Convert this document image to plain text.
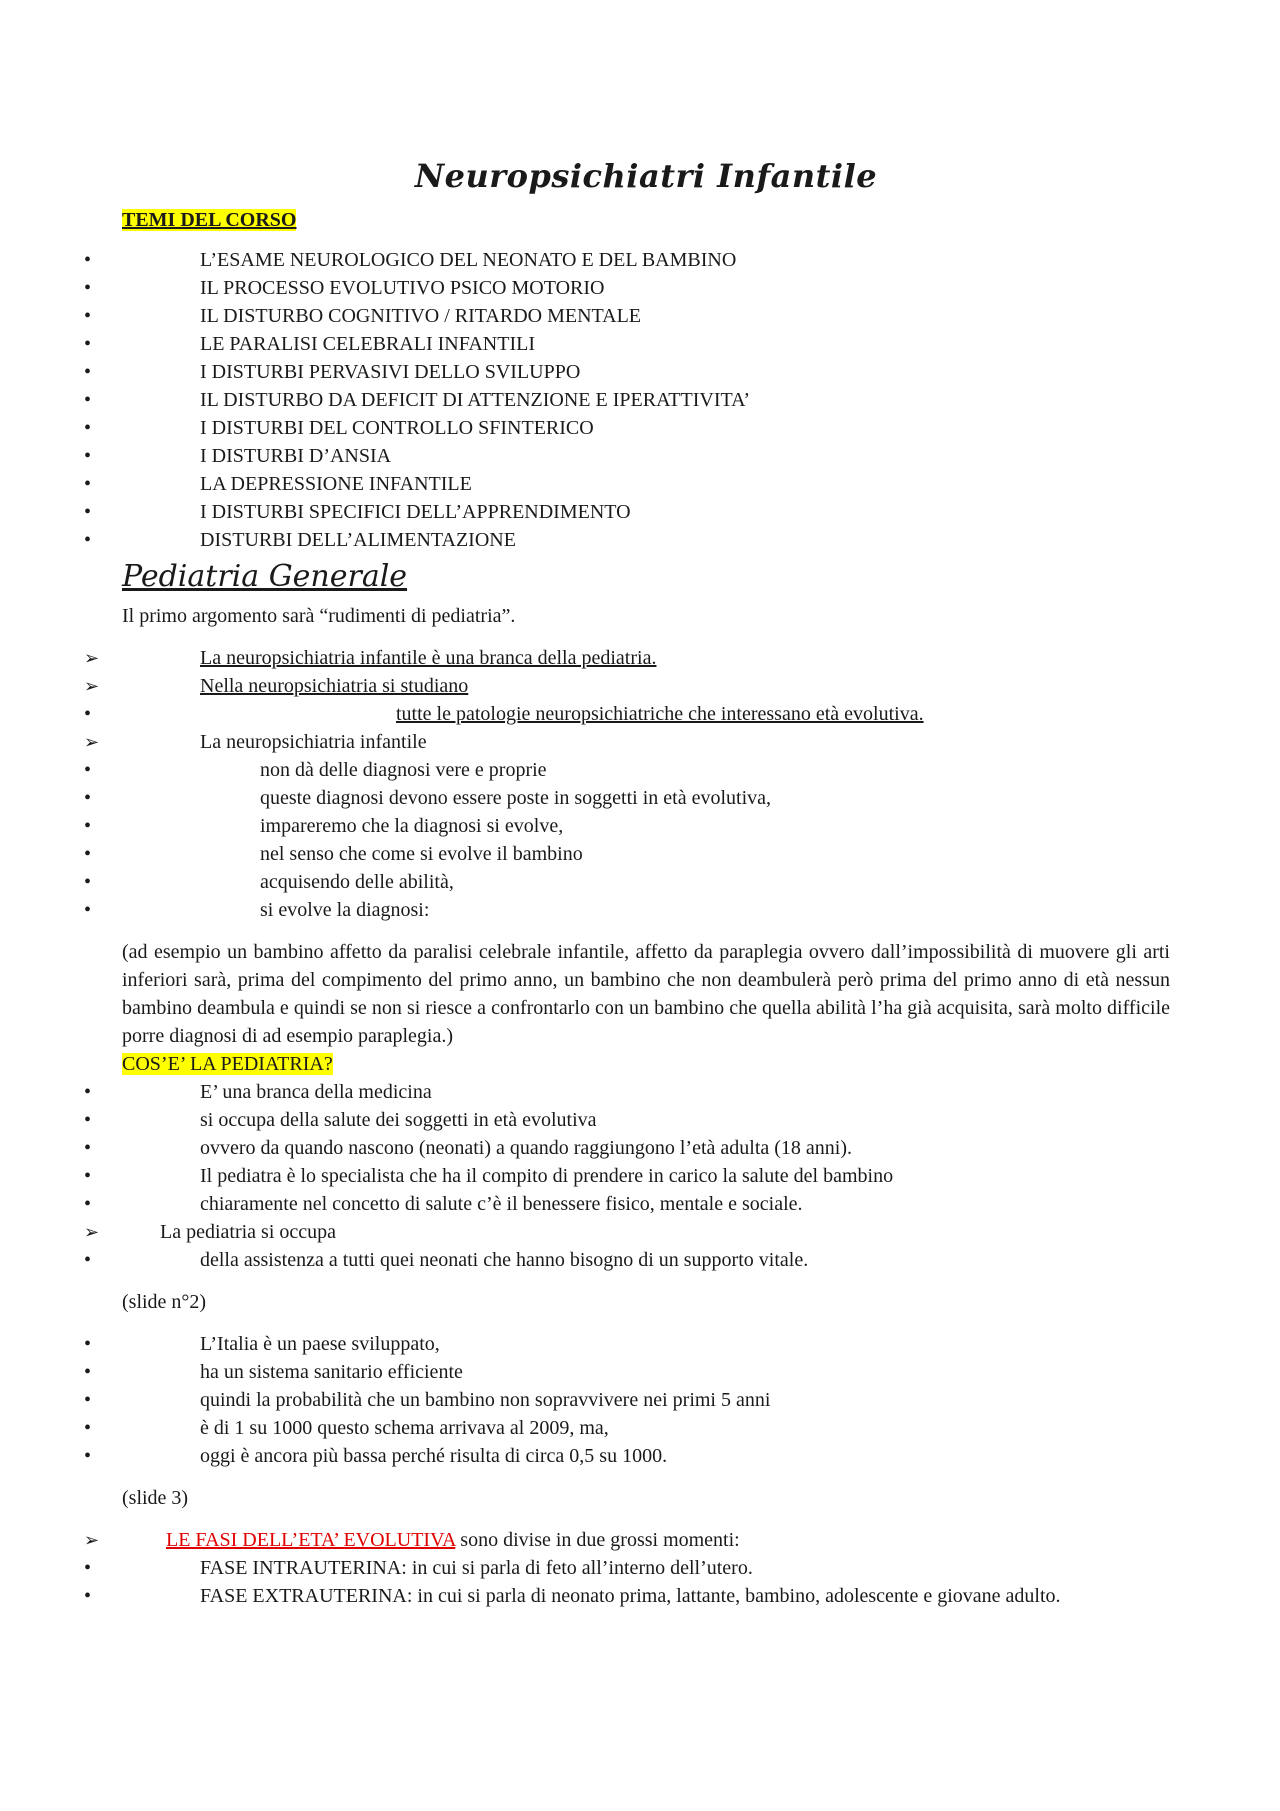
Neuropsichiatri Infantile
TEMI DEL CORSO
• L’ESAME NEUROLOGICO DEL NEONATO E DEL BAMBINO
• IL PROCESSO EVOLUTIVO PSICO MOTORIO
• IL DISTURBO COGNITIVO / RITARDO MENTALE
• LE PARALISI CELEBRALI INFANTILI
• I DISTURBI PERVASIVI DELLO SVILUPPO
• IL DISTURBO DA DEFICIT DI ATTENZIONE E IPERATTIVITA’
• I DISTURBI DEL CONTROLLO SFINTERICO
• I DISTURBI D’ANSIA
• LA DEPRESSIONE INFANTILE
• I DISTURBI SPECIFICI DELL’APPRENDIMENTO
• DISTURBI DELL’ALIMENTAZIONE
Pediatria Generale

Il primo argomento sarà “rudimenti di pediatria”.

➢ La neuropsichiatria infantile è una branca della pediatria.
➢ Nella neuropsichiatria si studiano
• tutte le patologie neuropsichiatriche che interessano età evolutiva.
➢ La neuropsichiatria infantile
• non dà delle diagnosi vere e proprie
• queste diagnosi devono essere poste in soggetti in età evolutiva,
• impareremo che la diagnosi si evolve,
• nel senso che come si evolve il bambino
• acquisendo delle abilità,
• si evolve la diagnosi:

(ad esempio un bambino affetto da paralisi celebrale infantile, affetto da paraplegia ovvero dall’impossibilità di muovere gli arti inferiori sarà, prima del compimento del primo anno, un bambino che non deambulerà però prima del primo anno di età nessun bambino deambula e quindi se non si riesce a confrontarlo con un bambino che quella abilità l’ha già acquisita, sarà molto difficile porre diagnosi di ad esempio paraplegia.)

COS’E’ LA PEDIATRIA?

• E’ una branca della medicina
• si occupa della salute dei soggetti in età evolutiva
• ovvero da quando nascono (neonati) a quando raggiungono l’età adulta (18 anni).
• Il pediatra è lo specialista che ha il compito di prendere in carico la salute del bambino
• chiaramente nel concetto di salute c’è il benessere fisico, mentale e sociale.
➢ La pediatria si occupa
• della assistenza a tutti quei neonati che hanno bisogno di un supporto vitale.

(slide n°2)

• L’Italia è un paese sviluppato,
• ha un sistema sanitario efficiente
• quindi la probabilità che un bambino non sopravvivere nei primi 5 anni
• è di 1 su 1000 questo schema arrivava al 2009, ma,
• oggi è ancora più bassa perché risulta di circa 0,5 su 1000.

(slide 3)

➢ LE FASI DELL’ETA’ EVOLUTIVA sono divise in due grossi momenti:
• FASE INTRAUTERINA: in cui si parla di feto all’interno dell’utero.
• FASE EXTRAUTERINA: in cui si parla di neonato prima, lattante, bambino, adolescente e giovane adulto.
